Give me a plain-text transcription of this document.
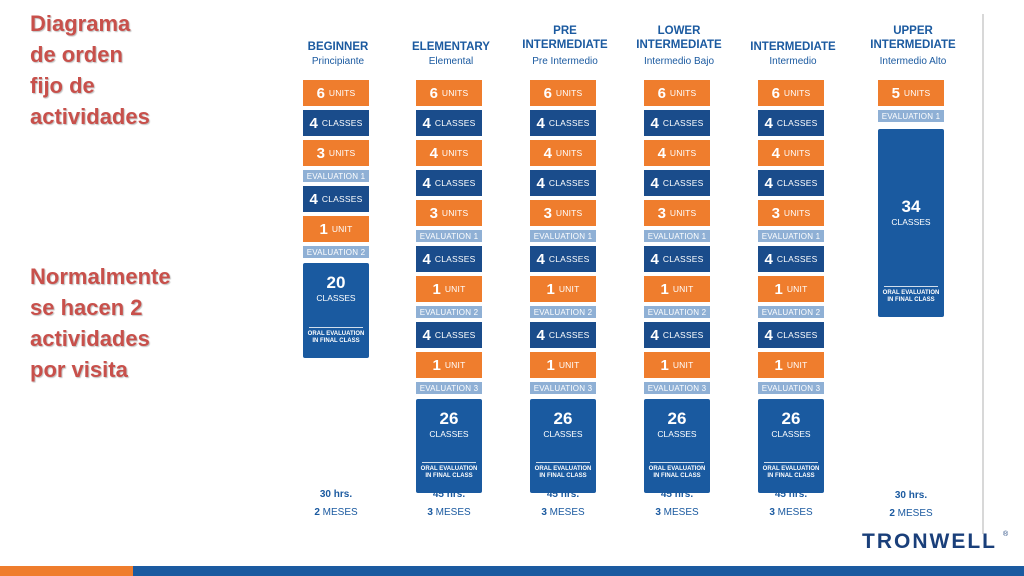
Diagrama
de orden
fijo de
actividades
Normalmente
se hacen 2
actividades
por visita
BEGINNER
Principiante
6 UNITS
4 CLASSES
3 UNITS
EVALUATION 1
4 CLASSES
1 UNIT
EVALUATION 2
20
CLASSES
ORAL EVALUATION
IN FINAL CLASS
30 hrs.
2 MESES
ELEMENTARY
Elemental
6 UNITS
4 CLASSES
4 UNITS
4 CLASSES
3 UNITS
EVALUATION 1
4 CLASSES
1 UNIT
EVALUATION 2
4 CLASSES
1 UNIT
EVALUATION 3
26
CLASSES
ORAL EVALUATION
IN FINAL CLASS
45 hrs.
3 MESES
PRE
INTERMEDIATE
Pre Intermedio
6 UNITS
4 CLASSES
4 UNITS
4 CLASSES
3 UNITS
EVALUATION 1
4 CLASSES
1 UNIT
EVALUATION 2
4 CLASSES
1 UNIT
EVALUATION 3
26
CLASSES
ORAL EVALUATION
IN FINAL CLASS
45 hrs.
3 MESES
LOWER
INTERMEDIATE
Intermedio Bajo
6 UNITS
4 CLASSES
4 UNITS
4 CLASSES
3 UNITS
EVALUATION 1
4 CLASSES
1 UNIT
EVALUATION 2
4 CLASSES
1 UNIT
EVALUATION 3
26
CLASSES
ORAL EVALUATION
IN FINAL CLASS
45 hrs.
3 MESES
INTERMEDIATE
Intermedio
6 UNITS
4 CLASSES
4 UNITS
4 CLASSES
3 UNITS
EVALUATION 1
4 CLASSES
1 UNIT
EVALUATION 2
4 CLASSES
1 UNIT
EVALUATION 3
26
CLASSES
ORAL EVALUATION
IN FINAL CLASS
45 hrs.
3 MESES
UPPER
INTERMEDIATE
Intermedio Alto
5 UNITS
EVALUATION 1
34
CLASSES
ORAL EVALUATION
IN FINAL CLASS
30 hrs.
2 MESES
TRONWELL ®
